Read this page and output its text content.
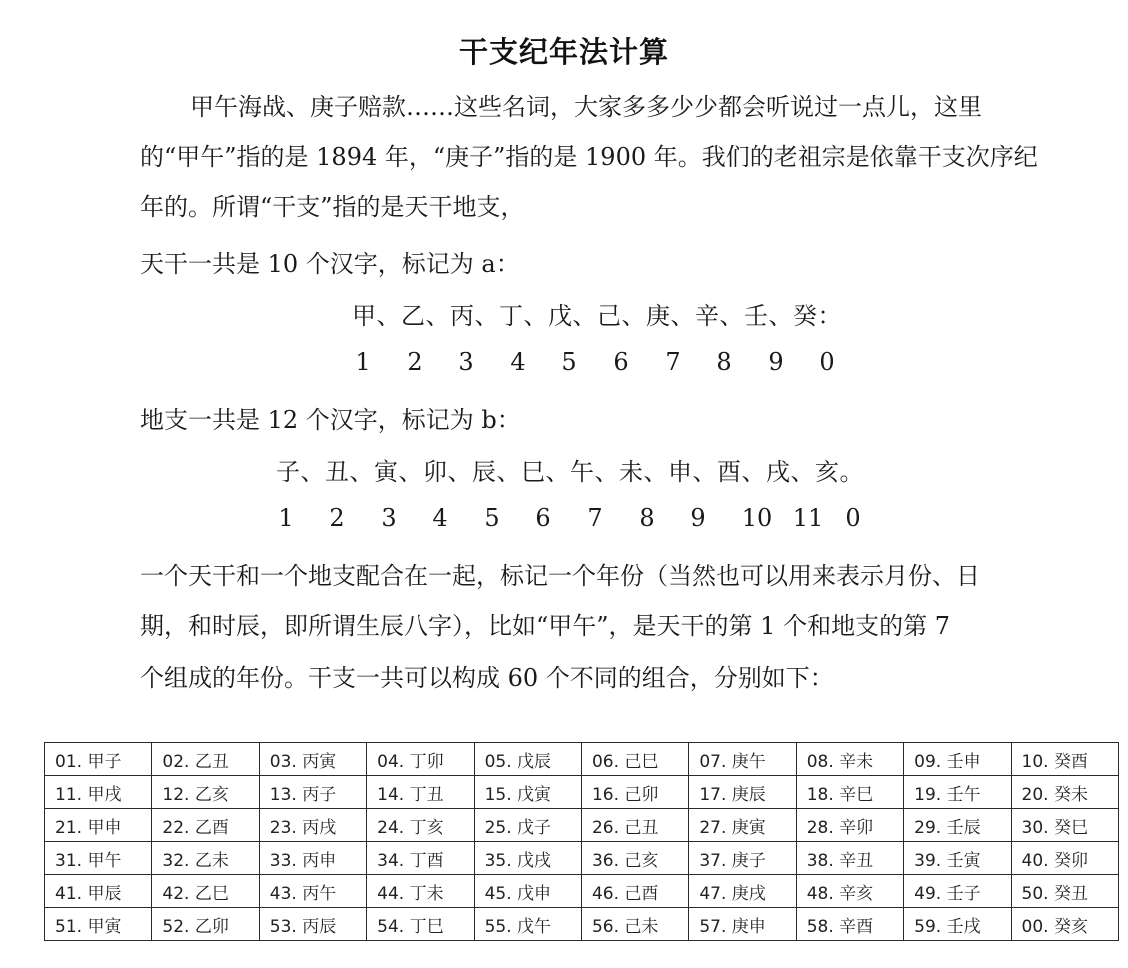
干支纪年法计算
甲午海战、庚子赔款……这些名词，大家多多少少都会听说过一点儿，这里的“甲午”指的是 1894 年，“庚子”指的是 1900 年。我们的老祖宗是依靠干支次序纪年的。所谓“干支”指的是天干地支，
天干一共是 10 个汉字，标记为 a：
甲、乙、丙、丁、戊、己、庚、辛、壬、癸：
1 2 3 4 5 6 7 8 9 0
地支一共是 12 个汉字，标记为 b：
子、丑、寅、卯、辰、巳、午、未、申、酉、戌、亥。
1 2 3 4 5 6 7 8 9 10 11 0
一个天干和一个地支配合在一起，标记一个年份（当然也可以用来表示月份、日
期，和时辰，即所谓生辰八字），比如“甲午”，是天干的第 1 个和地支的第 7
个组成的年份。干支一共可以构成 60 个不同的组合，分别如下：
01. 甲子	02. 乙丑	03. 丙寅	04. 丁卯	05. 戊辰	06. 己巳	07. 庚午	08. 辛未	09. 壬申	10. 癸酉
11. 甲戌	12. 乙亥	13. 丙子	14. 丁丑	15. 戊寅	16. 己卯	17. 庚辰	18. 辛巳	19. 壬午	20. 癸未
21. 甲申	22. 乙酉	23. 丙戌	24. 丁亥	25. 戊子	26. 己丑	27. 庚寅	28. 辛卯	29. 壬辰	30. 癸巳
31. 甲午	32. 乙未	33. 丙申	34. 丁酉	35. 戊戌	36. 己亥	37. 庚子	38. 辛丑	39. 壬寅	40. 癸卯
41. 甲辰	42. 乙巳	43. 丙午	44. 丁未	45. 戊申	46. 己酉	47. 庚戌	48. 辛亥	49. 壬子	50. 癸丑
51. 甲寅	52. 乙卯	53. 丙辰	54. 丁巳	55. 戊午	56. 己未	57. 庚申	58. 辛酉	59. 壬戌	00. 癸亥
